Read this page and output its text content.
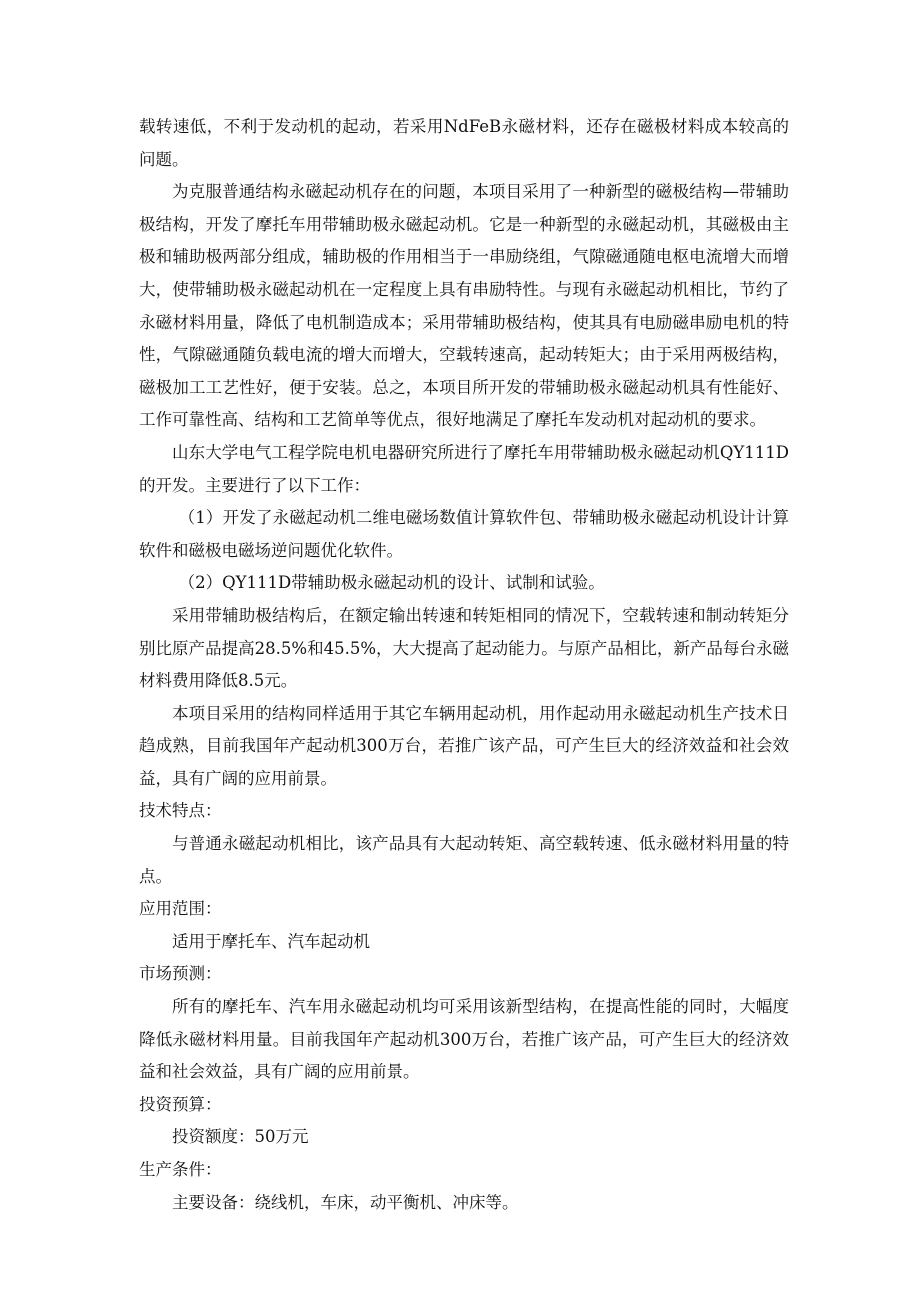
载转速低，不利于发动机的起动，若采用NdFeB永磁材料，还存在磁极材料成本较高的问题。

为克服普通结构永磁起动机存在的问题，本项目采用了一种新型的磁极结构—带辅助极结构，开发了摩托车用带辅助极永磁起动机。它是一种新型的永磁起动机，其磁极由主极和辅助极两部分组成，辅助极的作用相当于一串励绕组，气隙磁通随电枢电流增大而增大，使带辅助极永磁起动机在一定程度上具有串励特性。与现有永磁起动机相比，节约了永磁材料用量，降低了电机制造成本；采用带辅助极结构，使其具有电励磁串励电机的特性，气隙磁通随负载电流的增大而增大，空载转速高，起动转矩大；由于采用两极结构，磁极加工工艺性好，便于安装。总之，本项目所开发的带辅助极永磁起动机具有性能好、工作可靠性高、结构和工艺简单等优点，很好地满足了摩托车发动机对起动机的要求。

山东大学电气工程学院电机电器研究所进行了摩托车用带辅助极永磁起动机QY111D的开发。主要进行了以下工作：

（1）开发了永磁起动机二维电磁场数值计算软件包、带辅助极永磁起动机设计计算软件和磁极电磁场逆问题优化软件。

（2）QY111D带辅助极永磁起动机的设计、试制和试验。

采用带辅助极结构后，在额定输出转速和转矩相同的情况下，空载转速和制动转矩分别比原产品提高28.5%和45.5%，大大提高了起动能力。与原产品相比，新产品每台永磁材料费用降低8.5元。

本项目采用的结构同样适用于其它车辆用起动机，用作起动用永磁起动机生产技术日趋成熟，目前我国年产起动机300万台，若推广该产品，可产生巨大的经济效益和社会效益，具有广阔的应用前景。

技术特点：

与普通永磁起动机相比，该产品具有大起动转矩、高空载转速、低永磁材料用量的特点。

应用范围：

适用于摩托车、汽车起动机

市场预测：

所有的摩托车、汽车用永磁起动机均可采用该新型结构，在提高性能的同时，大幅度降低永磁材料用量。目前我国年产起动机300万台，若推广该产品，可产生巨大的经济效益和社会效益，具有广阔的应用前景。

投资预算：

投资额度：50万元

生产条件：

主要设备：绕线机，车床，动平衡机、冲床等。
